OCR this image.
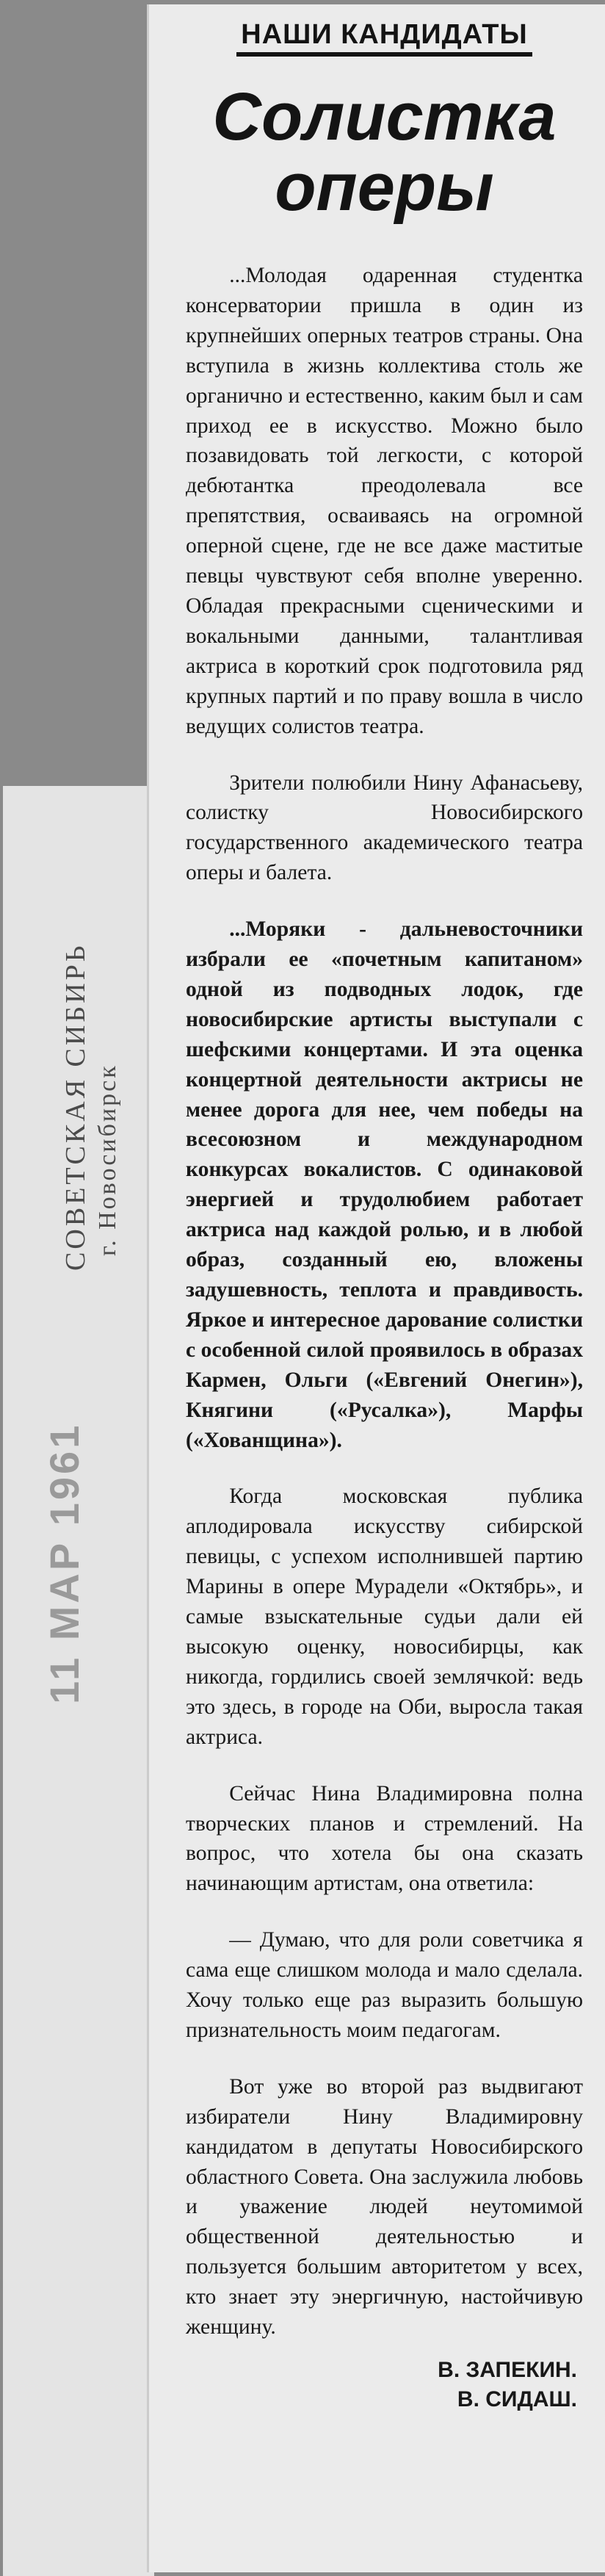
СОВЕТСКАЯ СИБИРЬ г. Новосибирск
11 МАР 1961
НАШИ КАНДИДАТЫ
Солистка
оперы

...Молодая одаренная студентка консерватории пришла в один из крупнейших оперных театров страны. Она вступила в жизнь коллектива столь же органично и естественно, каким был и сам приход ее в искусство. Можно было позавидовать той легкости, с которой дебютантка преодолевала все препятствия, осваиваясь на огромной оперной сцене, где не все даже маститые певцы чувствуют себя вполне уверенно. Обладая прекрасными сценическими и вокальными данными, талантливая актриса в короткий срок подготовила ряд крупных партий и по праву вошла в число ведущих солистов театра.

Зрители полюбили Нину Афанасьеву, солистку Новосибирского государственного академического театра оперы и балета.

...Моряки - дальневосточники избрали ее «почетным капитаном» одной из подводных лодок, где новосибирские артисты выступали с шефскими концертами. И эта оценка концертной деятельности актрисы не менее дорога для нее, чем победы на всесоюзном и международном конкурсах вокалистов. С одинаковой энергией и трудолюбием работает актриса над каждой ролью, и в любой образ, созданный ею, вложены задушевность, теплота и правдивость. Яркое и интересное дарование солистки с особенной силой проявилось в образах Кармен, Ольги («Евгений Онегин»), Княгини («Русалка»), Марфы («Хованщина»).

Когда московская публика аплодировала искусству сибирской певицы, с успехом исполнившей партию Марины в опере Мурадели «Октябрь», и самые взыскательные судьи дали ей высокую оценку, новосибирцы, как никогда, гордились своей землячкой: ведь это здесь, в городе на Оби, выросла такая актриса.

Сейчас Нина Владимировна полна творческих планов и стремлений. На вопрос, что хотела бы она сказать начинающим артистам, она ответила:

— Думаю, что для роли советчика я сама еще слишком молода и мало сделала. Хочу только еще раз выразить большую признательность моим педагогам.

Вот уже во второй раз выдвигают избиратели Нину Владимировну кандидатом в депутаты Новосибирского областного Совета. Она заслужила любовь и уважение людей неутомимой общественной деятельностью и пользуется большим авторитетом у всех, кто знает эту энергичную, настойчивую женщину.

В. ЗАПЕКИН.
В. СИДАШ.
